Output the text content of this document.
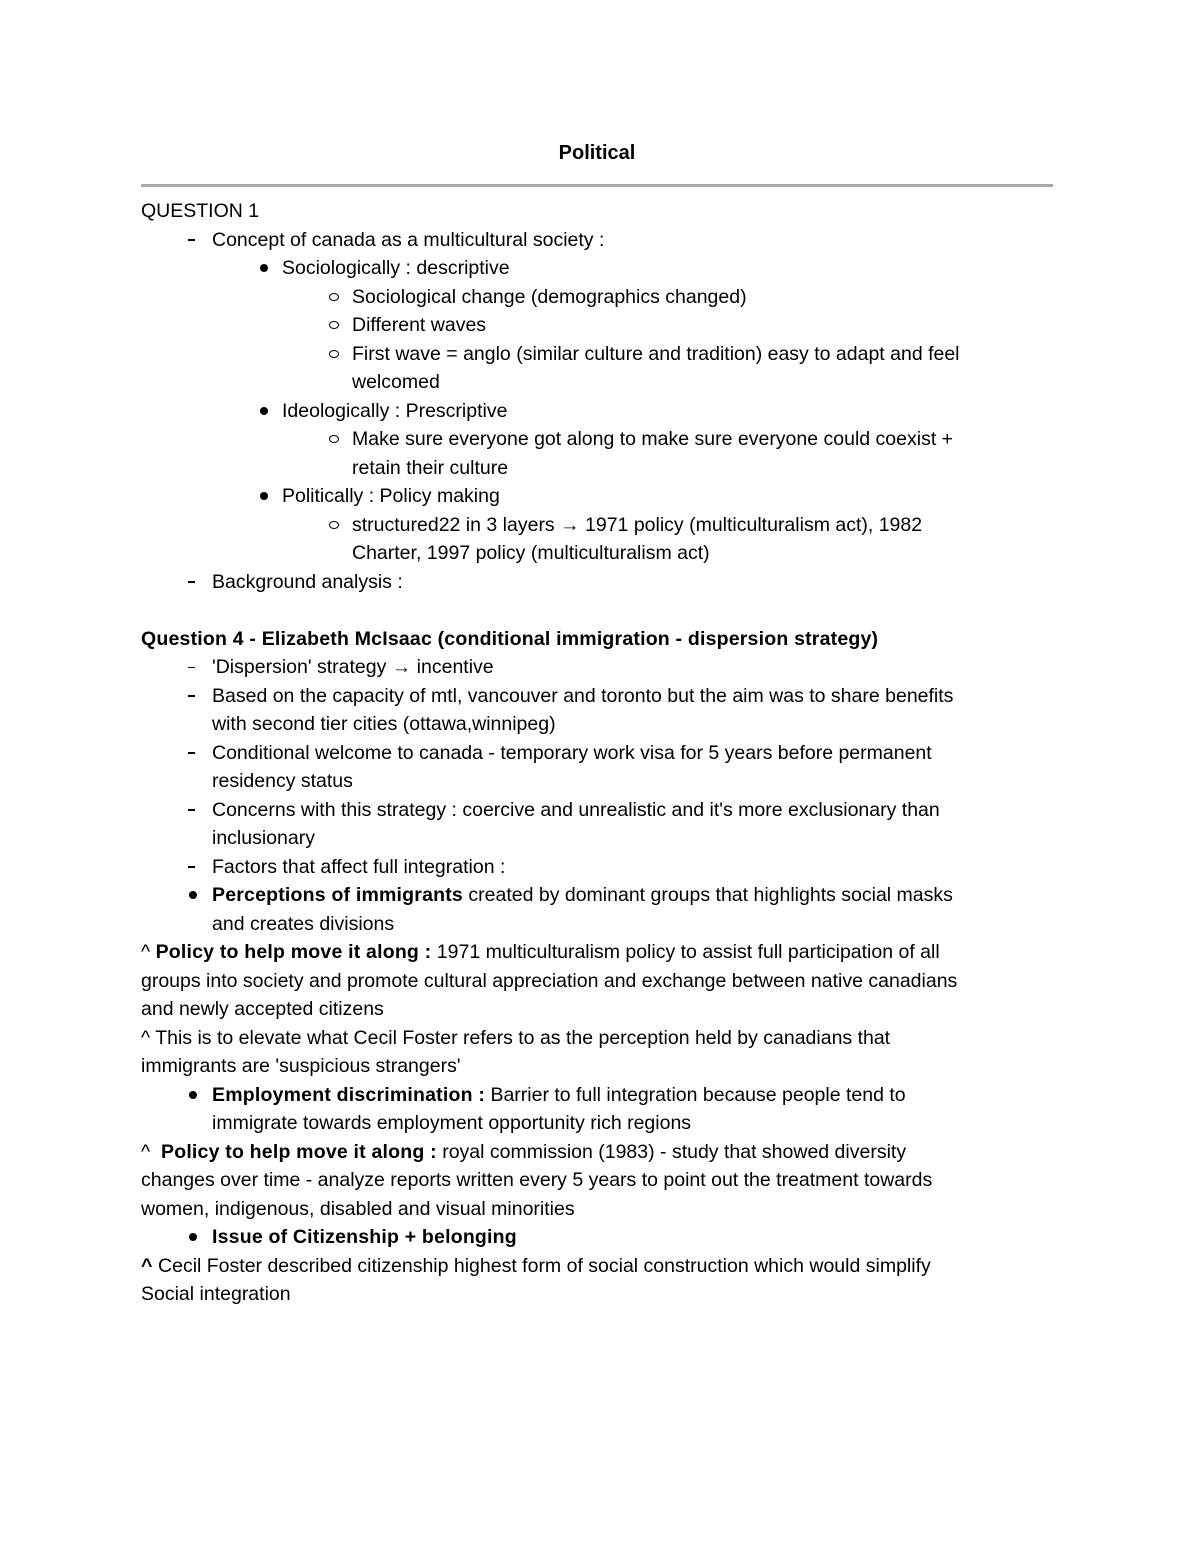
Political
QUESTION 1
Concept of canada as a multicultural society :
Sociologically : descriptive
Sociological change (demographics changed)
Different waves
First wave = anglo (similar culture and tradition) easy to adapt and feel
welcomed
Ideologically : Prescriptive
Make sure everyone got along to make sure everyone could coexist +
retain their culture
Politically : Policy making
structured22 in 3 layers → 1971 policy (multiculturalism act), 1982
Charter, 1997 policy (multiculturalism act)
Background analysis :
Question 4 - Elizabeth McIsaac (conditional immigration - dispersion strategy)
'Dispersion' strategy → incentive
Based on the capacity of mtl, vancouver and toronto but the aim was to share benefits
with second tier cities (ottawa,winnipeg)
Conditional welcome to canada - temporary work visa for 5 years before permanent
residency status
Concerns with this strategy : coercive and unrealistic and it's more exclusionary than
inclusionary
Factors that affect full integration :
Perceptions of immigrants created by dominant groups that highlights social masks
and creates divisions
^ Policy to help move it along : 1971 multiculturalism policy to assist full participation of all
groups into society and promote cultural appreciation and exchange between native canadians
and newly accepted citizens
^ This is to elevate what Cecil Foster refers to as the perception held by canadians that
immigrants are 'suspicious strangers'
Employment discrimination : Barrier to full integration because people tend to
immigrate towards employment opportunity rich regions
^  Policy to help move it along : royal commission (1983) - study that showed diversity
changes over time - analyze reports written every 5 years to point out the treatment towards
women, indigenous, disabled and visual minorities
Issue of Citizenship + belonging
^ Cecil Foster described citizenship highest form of social construction which would simplify
Social integration
